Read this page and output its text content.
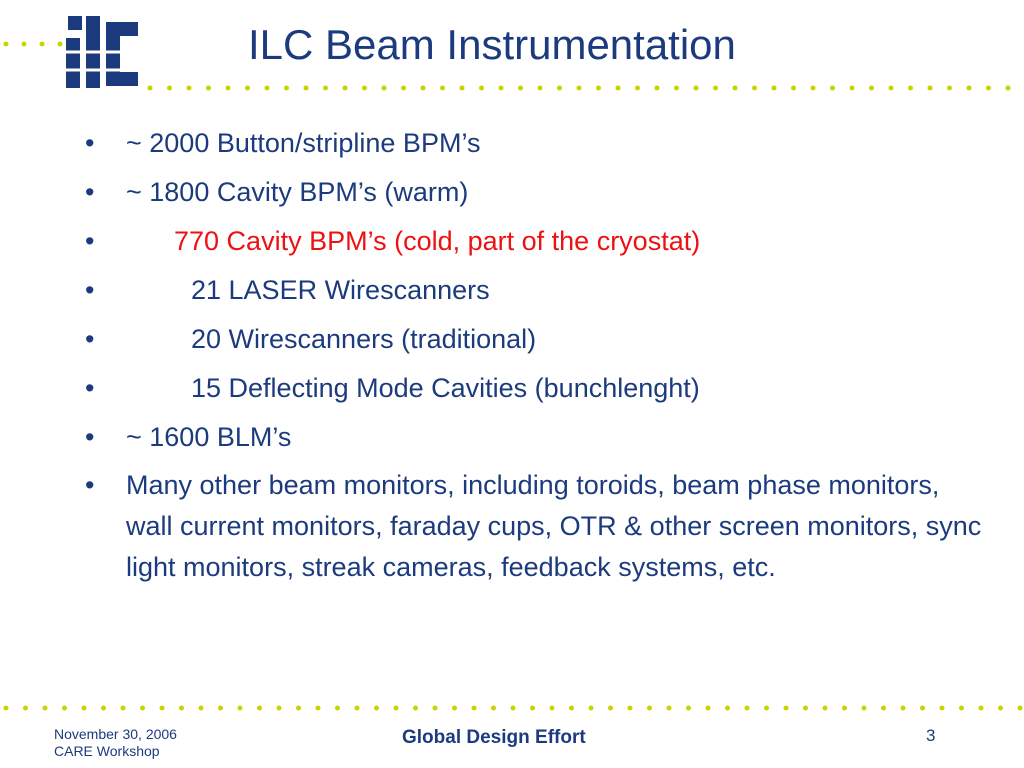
ILC Beam Instrumentation
• ~ 2000 Button/stripline BPM’s
• ~ 1800 Cavity BPM’s (warm)
•	770 Cavity BPM’s (cold, part of the cryostat)
•	21 LASER Wirescanners
•	20 Wirescanners (traditional)
•	15 Deflecting Mode Cavities (bunchlenght)
• ~ 1600 BLM’s
• Many other beam monitors, including toroids, beam phase monitors, wall current monitors, faraday cups, OTR & other screen monitors, sync light monitors, streak cameras, feedback systems, etc.
November 30, 2006
CARE Workshop
Global Design Effort	3
